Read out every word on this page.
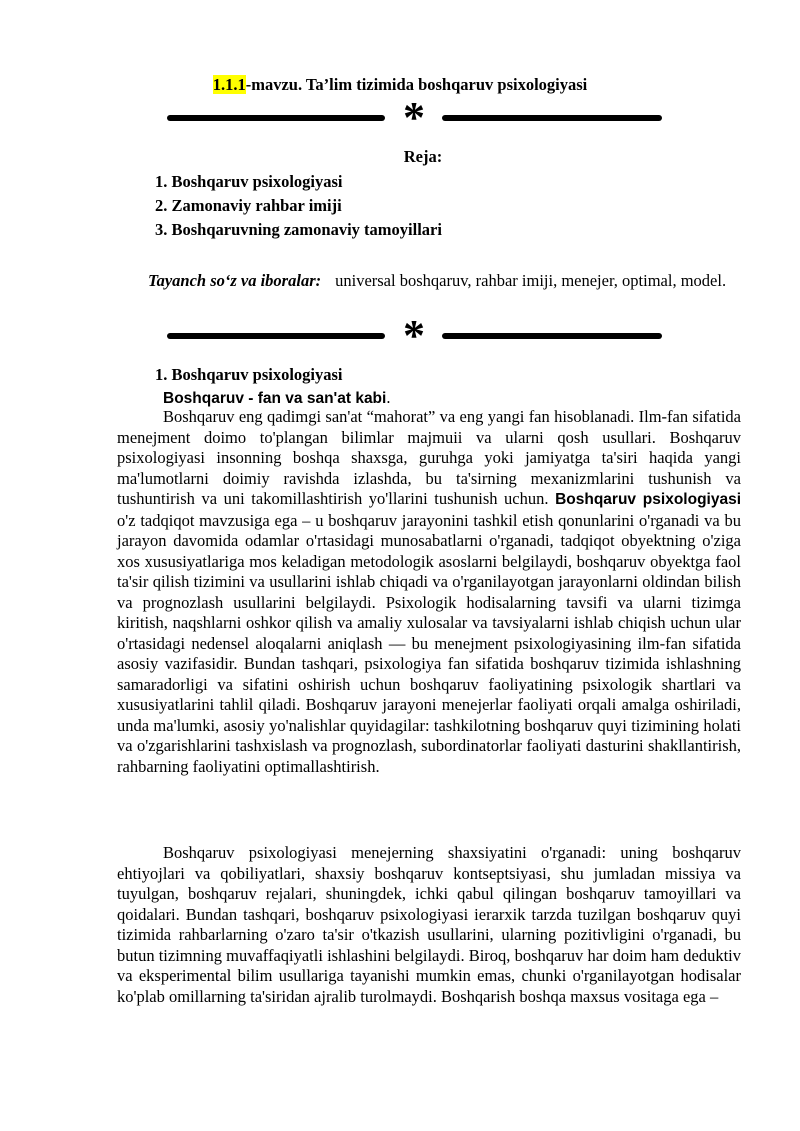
1.1.1-mavzu. Ta’lim tizimida boshqaruv psixologiyasi
*
Reja:
1. Boshqaruv psixologiyasi
2. Zamonaviy rahbar imiji
3. Boshqaruvning zamonaviy tamoyillari
Tayanch so‘z va iboralar: universal boshqaruv, rahbar imiji, menejer, optimal, model.
*
1. Boshqaruv psixologiyasi
Boshqaruv - fan va san'at kabi.

Boshqaruv eng qadimgi san'at “mahorat” va eng yangi fan hisoblanadi. Ilm-fan sifatida menejment doimo to'plangan bilimlar majmuii va ularni qosh usullari. Boshqaruv psixologiyasi insonning boshqa shaxsga, guruhga yoki jamiyatga ta'siri haqida yangi ma'lumotlarni doimiy ravishda izlashda, bu ta'sirning mexanizmlarini tushunish va tushuntirish va uni takomillashtirish yo'llarini tushunish uchun. Boshqaruv psixologiyasi o'z tadqiqot mavzusiga ega – u boshqaruv jarayonini tashkil etish qonunlarini o'rganadi va bu jarayon davomida odamlar o'rtasidagi munosabatlarni o'rganadi, tadqiqot obyektning o'ziga xos xususiyatlariga mos keladigan metodologik asoslarni belgilaydi, boshqaruv obyektga faol ta'sir qilish tizimini va usullarini ishlab chiqadi va o'rganilayotgan jarayonlarni oldindan bilish va prognozlash usullarini belgilaydi. Psixologik hodisalarning tavsifi va ularni tizimga kiritish, naqshlarni oshkor qilish va amaliy xulosalar va tavsiyalarni ishlab chiqish uchun ular o'rtasidagi nedensel aloqalarni aniqlash — bu menejment psixologiyasining ilm-fan sifatida asosiy vazifasidir. Bundan tashqari, psixologiya fan sifatida boshqaruv tizimida ishlashning samaradorligi va sifatini oshirish uchun boshqaruv faoliyatining psixologik shartlari va xususiyatlarini tahlil qiladi. Boshqaruv jarayoni menejerlar faoliyati orqali amalga oshiriladi, unda ma'lumki, asosiy yo'nalishlar quyidagilar: tashkilotning boshqaruv quyi tizimining holati va o'zgarishlarini tashxislash va prognozlash, subordinatorlar faoliyati dasturini shakllantirish, rahbarning faoliyatini optimallashtirish.

Boshqaruv psixologiyasi menejerning shaxsiyatini o'rganadi: uning boshqaruv ehtiyojlari va qobiliyatlari, shaxsiy boshqaruv kontseptsiyasi, shu jumladan missiya va tuyulgan, boshqaruv rejalari, shuningdek, ichki qabul qilingan boshqaruv tamoyillari va qoidalari. Bundan tashqari, boshqaruv psixologiyasi ierarxik tarzda tuzilgan boshqaruv quyi tizimida rahbarlarning o'zaro ta'sir o'tkazish usullarini, ularning pozitivligini o'rganadi, bu butun tizimning muvaffaqiyatli ishlashini belgilaydi. Biroq, boshqaruv har doim ham deduktiv va eksperimental bilim usullariga tayanishi mumkin emas, chunki o'rganilayotgan hodisalar ko'plab omillarning ta'siridan ajralib turolmaydi. Boshqarish boshqa maxsus vositaga ega –
